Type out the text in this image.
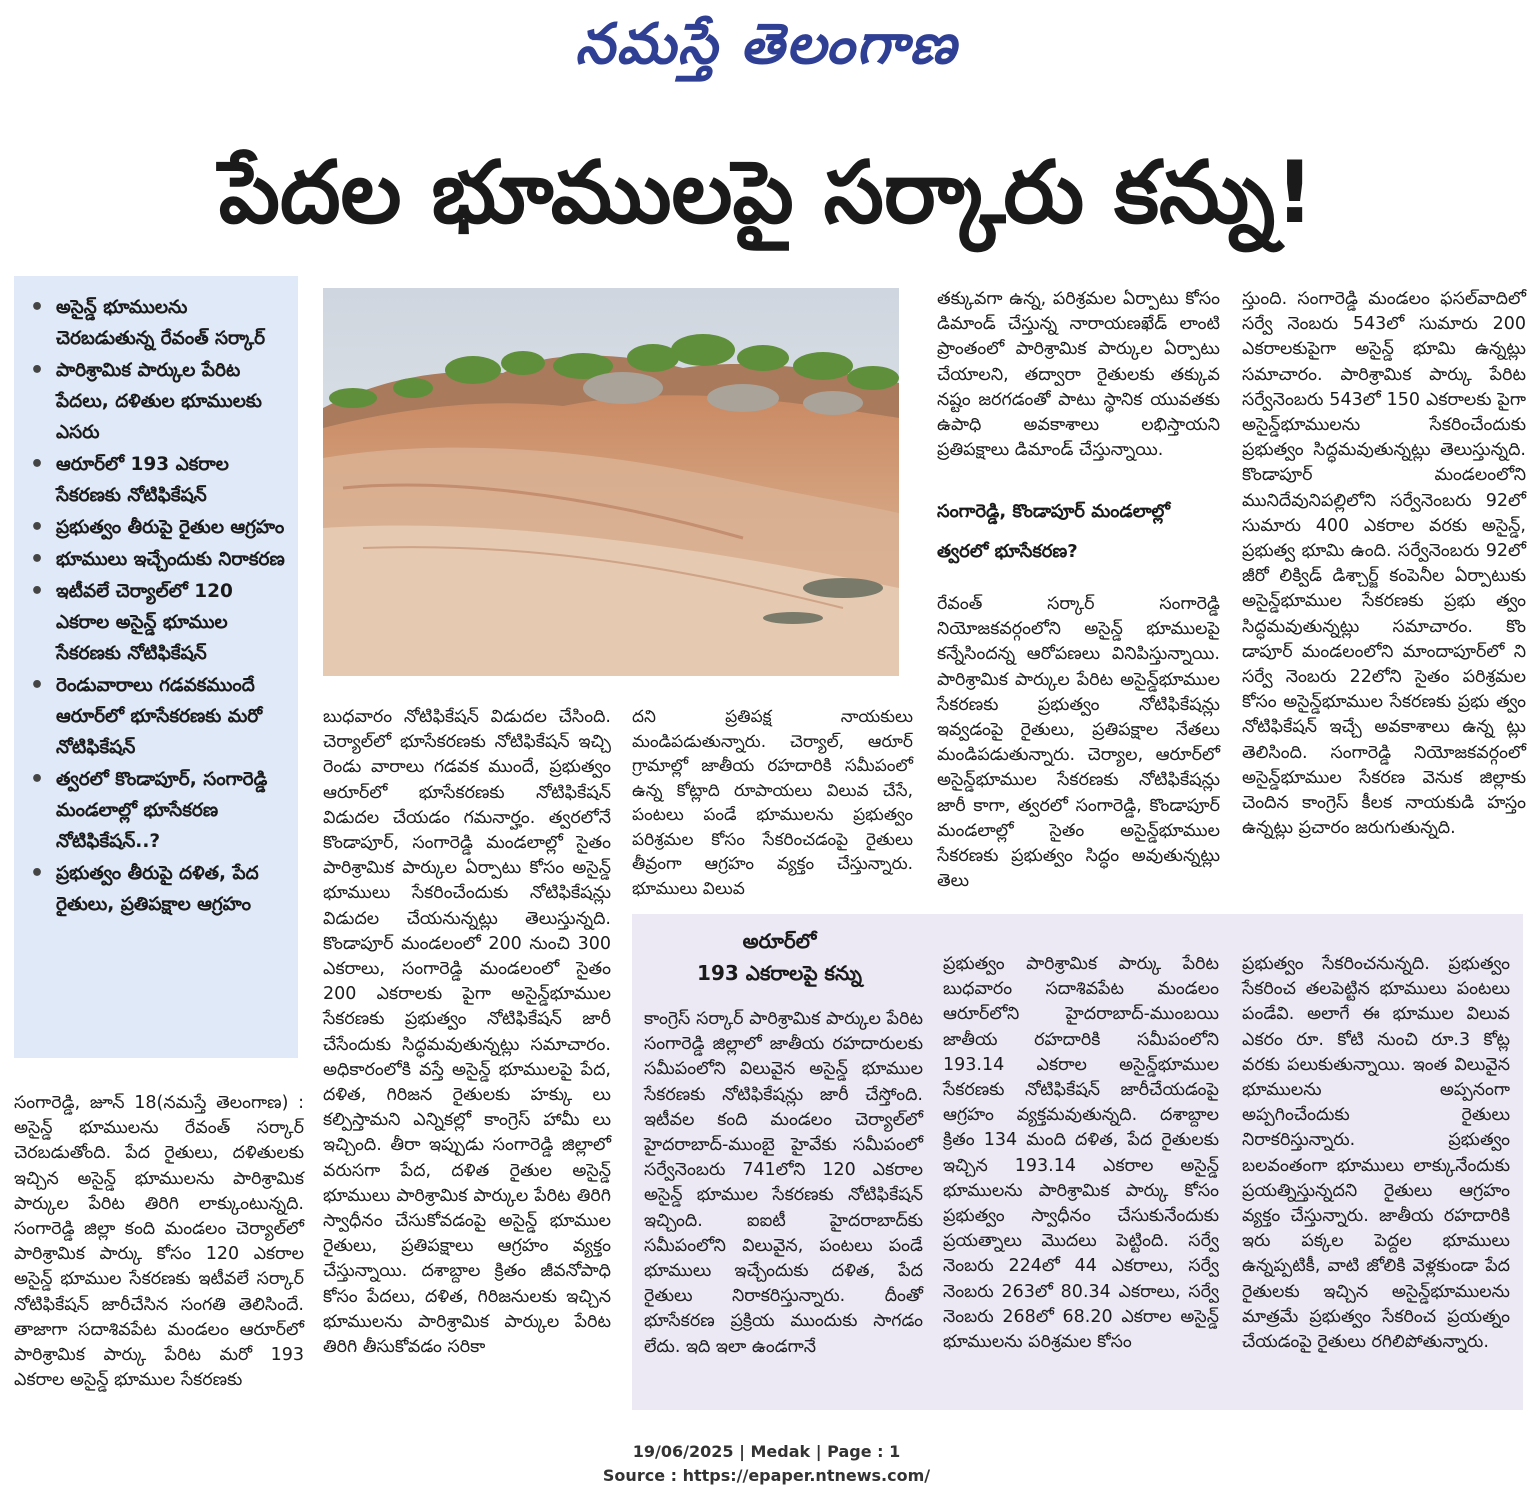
నమస్తే తెలంగాణ
పేదల భూములపై సర్కారు కన్ను!
• అసైన్డ్ భూములను చెరబడుతున్న రేవంత్ సర్కార్
• పారిశ్రామిక పార్కుల పేరిట పేదలు, దళితుల భూములకు ఎసరు
• ఆరూర్‌లో 193 ఎకరాల సేకరణకు నోటిఫికేషన్
• ప్రభుత్వం తీరుపై రైతుల ఆగ్రహం
• భూములు ఇచ్చేందుకు నిరాకరణ
• ఇటీవలే చెర్యాల్‌లో 120 ఎకరాల అసైన్డ్ భూముల సేకరణకు నోటిఫికేషన్
• రెండువారాలు గడవకముందే ఆరూర్‌లో భూసేకరణకు మరో నోటిఫికేషన్
• త్వరలో కొండాపూర్, సంగారెడ్డి మండలాల్లో భూసేకరణ నోటిఫికేషన్..?
• ప్రభుత్వం తీరుపై దళిత, పేద రైతులు, ప్రతిపక్షాల ఆగ్రహం

సంగారెడ్డి, జూన్ 18(నమస్తే తెలంగాణ) : అసైన్డ్ భూములను రేవంత్ సర్కార్ చెరబడుతోంది. పేద రైతులు, దళితులకు ఇచ్చిన అసైన్డ్ భూములను పారిశ్రామిక పార్కుల పేరిట తిరిగి లాక్కుంటున్నది. సంగారెడ్డి జిల్లా కంది మండలం చెర్యాల్‌లో పారిశ్రామిక పార్కు కోసం 120 ఎకరాల అసైన్డ్ భూముల సేకరణకు ఇటీవలే సర్కార్ నోటిఫికేషన్ జారీచేసిన సంగతి తెలిసిందే. తాజాగా సదాశివపేట మండలం ఆరూర్‌లో పారిశ్రామిక పార్కు పేరిట మరో 193 ఎకరాల అసైన్డ్ భూముల సేకరణకు

బుధవారం నోటిఫికేషన్ విడుదల చేసింది. చెర్యాల్‌లో భూసేకరణకు నోటిఫికేషన్ ఇచ్చి రెండు వారాలు గడవక ముందే, ప్రభుత్వం ఆరూర్‌లో భూసేకరణకు నోటిఫికేషన్ విడుదల చేయడం గమనార్హం. త్వరలోనే కొండాపూర్, సంగారెడ్డి మండలాల్లో సైతం పారిశ్రామిక పార్కుల ఏర్పాటు కోసం అసైన్డ్ భూములు సేకరించేందుకు నోటిఫికేషన్లు విడుదల చేయనున్నట్లు తెలుస్తున్నది. కొండాపూర్ మండలంలో 200 నుంచి 300 ఎకరాలు, సంగారెడ్డి మండలంలో సైతం 200 ఎకరాలకు పైగా అసైన్డ్‌భూముల సేకరణకు ప్రభుత్వం నోటిఫికేషన్ జారీ చేసేందుకు సిద్ధమవుతున్నట్లు సమాచారం. అధికారంలోకి వస్తే అసైన్డ్ భూములపై పేద, దళిత, గిరిజన రైతులకు హక్కు లు కల్పిస్తామని ఎన్నికల్లో కాంగ్రెస్ హామీ లు ఇచ్చింది. తీరా ఇప్పుడు సంగారెడ్డి జిల్లాలో వరుసగా పేద, దళిత రైతుల అసైన్డ్ భూములు పారిశ్రామిక పార్కుల పేరిట తిరిగి స్వాధీనం చేసుకోవడంపై అసైన్డ్ భూముల రైతులు, ప్రతిపక్షాలు ఆగ్రహం వ్యక్తం చేస్తున్నాయి. దశాబ్దాల క్రితం జీవనోపాధి కోసం పేదలు, దళిత, గిరిజనులకు ఇచ్చిన భూములను పారిశ్రామిక పార్కుల పేరిట తిరిగి తీసుకోవడం సరికా

దని ప్రతిపక్ష నాయకులు మండిపడుతున్నారు. చెర్యాల్, ఆరూర్ గ్రామాల్లో జాతీయ రహదారికి సమీపంలో ఉన్న కోట్లాది రూపాయలు విలువ చేసే, పంటలు పండే భూములను ప్రభుత్వం పరిశ్రమల కోసం సేకరించడంపై రైతులు తీవ్రంగా ఆగ్రహం వ్యక్తం చేస్తున్నారు. భూములు విలువ

తక్కువగా ఉన్న, పరిశ్రమల ఏర్పాటు కోసం డిమాండ్ చేస్తున్న నారాయణఖేడ్ లాంటి ప్రాంతంలో పారిశ్రామిక పార్కుల ఏర్పాటు చేయాలని, తద్వారా రైతులకు తక్కువ నష్టం జరగడంతో పాటు స్థానిక యువతకు ఉపాధి అవకాశాలు లభిస్తాయని ప్రతిపక్షాలు డిమాండ్ చేస్తున్నాయి.

సంగారెడ్డి, కొండాపూర్ మండలాల్లో త్వరలో భూసేకరణ?

రేవంత్ సర్కార్ సంగారెడ్డి నియోజకవర్గంలోని అసైన్డ్ భూములపై కన్నేసిందన్న ఆరోపణలు వినిపిస్తున్నాయి. పారిశ్రామిక పార్కుల పేరిట అసైన్డ్‌భూముల సేకరణకు ప్రభుత్వం నోటిఫికేషన్లు ఇవ్వడంపై రైతులు, ప్రతిపక్షాల నేతలు మండిపడుతున్నారు. చెర్యాల, ఆరూర్‌లో అసైన్డ్‌భూముల సేకరణకు నోటిఫికేషన్లు జారీ కాగా, త్వరలో సంగారెడ్డి, కొండాపూర్ మండలాల్లో సైతం అసైన్డ్‌భూముల సేకరణకు ప్రభుత్వం సిద్ధం అవుతున్నట్లు తెలు

స్తుంది. సంగారెడ్డి మండలం ఫసల్‌వాదిలో సర్వే నెంబరు 543లో సుమారు 200 ఎకరాలకుపైగా అసైన్డ్ భూమి ఉన్నట్లు సమాచారం. పారిశ్రామిక పార్కు పేరిట సర్వేనెంబరు 543లో 150 ఎకరాలకు పైగా అసైన్డ్‌భూములను సేకరించేందుకు ప్రభుత్వం సిద్ధమవుతున్నట్లు తెలుస్తున్నది. కొండాపూర్ మండలంలోని మునిదేవునిపల్లిలోని సర్వేనెంబరు 92లో సుమారు 400 ఎకరాల వరకు అసైన్డ్, ప్రభుత్వ భూమి ఉంది. సర్వేనెంబరు 92లో జీరో లిక్విడ్ డిశ్చార్జ్ కంపెనీల ఏర్పాటుకు అసైన్డ్‌భూముల సేకరణకు ప్రభు త్వం సిద్ధమవుతున్నట్లు సమాచారం. కొం డాపూర్ మండలంలోని మాందాపూర్‌లో ని సర్వే నెంబరు 22లోని సైతం పరిశ్రమల కోసం అసైన్డ్‌భూముల సేకరణకు ప్రభు త్వం నోటిఫికేషన్ ఇచ్చే అవకాశాలు ఉన్న ట్లు తెలిసింది. సంగారెడ్డి నియోజకవర్గంలో అసైన్డ్‌భూముల సేకరణ వెనుక జిల్లాకు చెందిన కాంగ్రెస్ కీలక నాయకుడి హస్తం ఉన్నట్లు ప్రచారం జరుగుతున్నది.

అరూర్‌లో
193 ఎకరాలపై కన్ను

కాంగ్రెస్ సర్కార్ పారిశ్రామిక పార్కుల పేరిట సంగారెడ్డి జిల్లాలో జాతీయ రహదారులకు సమీపంలోని విలువైన అసైన్డ్ భూముల సేకరణకు నోటిఫికేషన్లు జారీ చేస్తోంది. ఇటీవల కంది మండలం చెర్యాల్‌లో హైదరాబాద్-ముంబై హైవేకు సమీపంలో సర్వేనెంబరు 741లోని 120 ఎకరాల అసైన్డ్ భూముల సేకరణకు నోటిఫికేషన్ ఇచ్చింది. ఐఐటీ హైదరాబాద్‌కు సమీపంలోని విలువైన, పంటలు పండే భూములు ఇచ్చేందుకు దళిత, పేద రైతులు నిరాకరిస్తున్నారు. దీంతో భూసేకరణ ప్రక్రియ ముందుకు సాగడం లేదు. ఇది ఇలా ఉండగానే

ప్రభుత్వం పారిశ్రామిక పార్కు పేరిట బుధవారం సదాశివపేట మండలం ఆరూర్‌లోని హైదరాబాద్-ముంబయి జాతీయ రహదారికి సమీపంలోని 193.14 ఎకరాల అసైన్డ్‌భూముల సేకరణకు నోటిఫికేషన్ జారీచేయడంపై ఆగ్రహం వ్యక్తమవుతున్నది. దశాబ్దాల క్రితం 134 మంది దళిత, పేద రైతులకు ఇచ్చిన 193.14 ఎకరాల అసైన్డ్ భూములను పారిశ్రామిక పార్కు కోసం ప్రభుత్వం స్వాధీనం చేసుకునేందుకు ప్రయత్నాలు మొదలు పెట్టింది. సర్వే నెంబరు 224లో 44 ఎకరాలు, సర్వే నెంబరు 263లో 80.34 ఎకరాలు, సర్వే నెంబరు 268లో 68.20 ఎకరాల అసైన్డ్ భూములను పరిశ్రమల కోసం

ప్రభుత్వం సేకరించనున్నది. ప్రభుత్వం సేకరించ తలపెట్టిన భూములు పంటలు పండేవి. అలాగే ఈ భూముల విలువ ఎకరం రూ. కోటి నుంచి రూ.3 కోట్ల వరకు పలుకుతున్నాయి. ఇంత విలువైన భూములను అప్పనంగా అప్పగించేందుకు రైతులు నిరాకరిస్తున్నారు. ప్రభుత్వం బలవంతంగా భూములు లాక్కునేందుకు ప్రయత్నిస్తున్నదని రైతులు ఆగ్రహం వ్యక్తం చేస్తున్నారు. జాతీయ రహదారికి ఇరు పక్కల పెద్దల భూములు ఉన్నప్పటికీ, వాటి జోలికి వెళ్లకుండా పేద రైతులకు ఇచ్చిన అసైన్డ్‌భూములను మాత్రమే ప్రభుత్వం సేకరించ ప్రయత్నం చేయడంపై రైతులు రగిలిపోతున్నారు.

19/06/2025 | Medak | Page : 1
Source : https://epaper.ntnews.com/
